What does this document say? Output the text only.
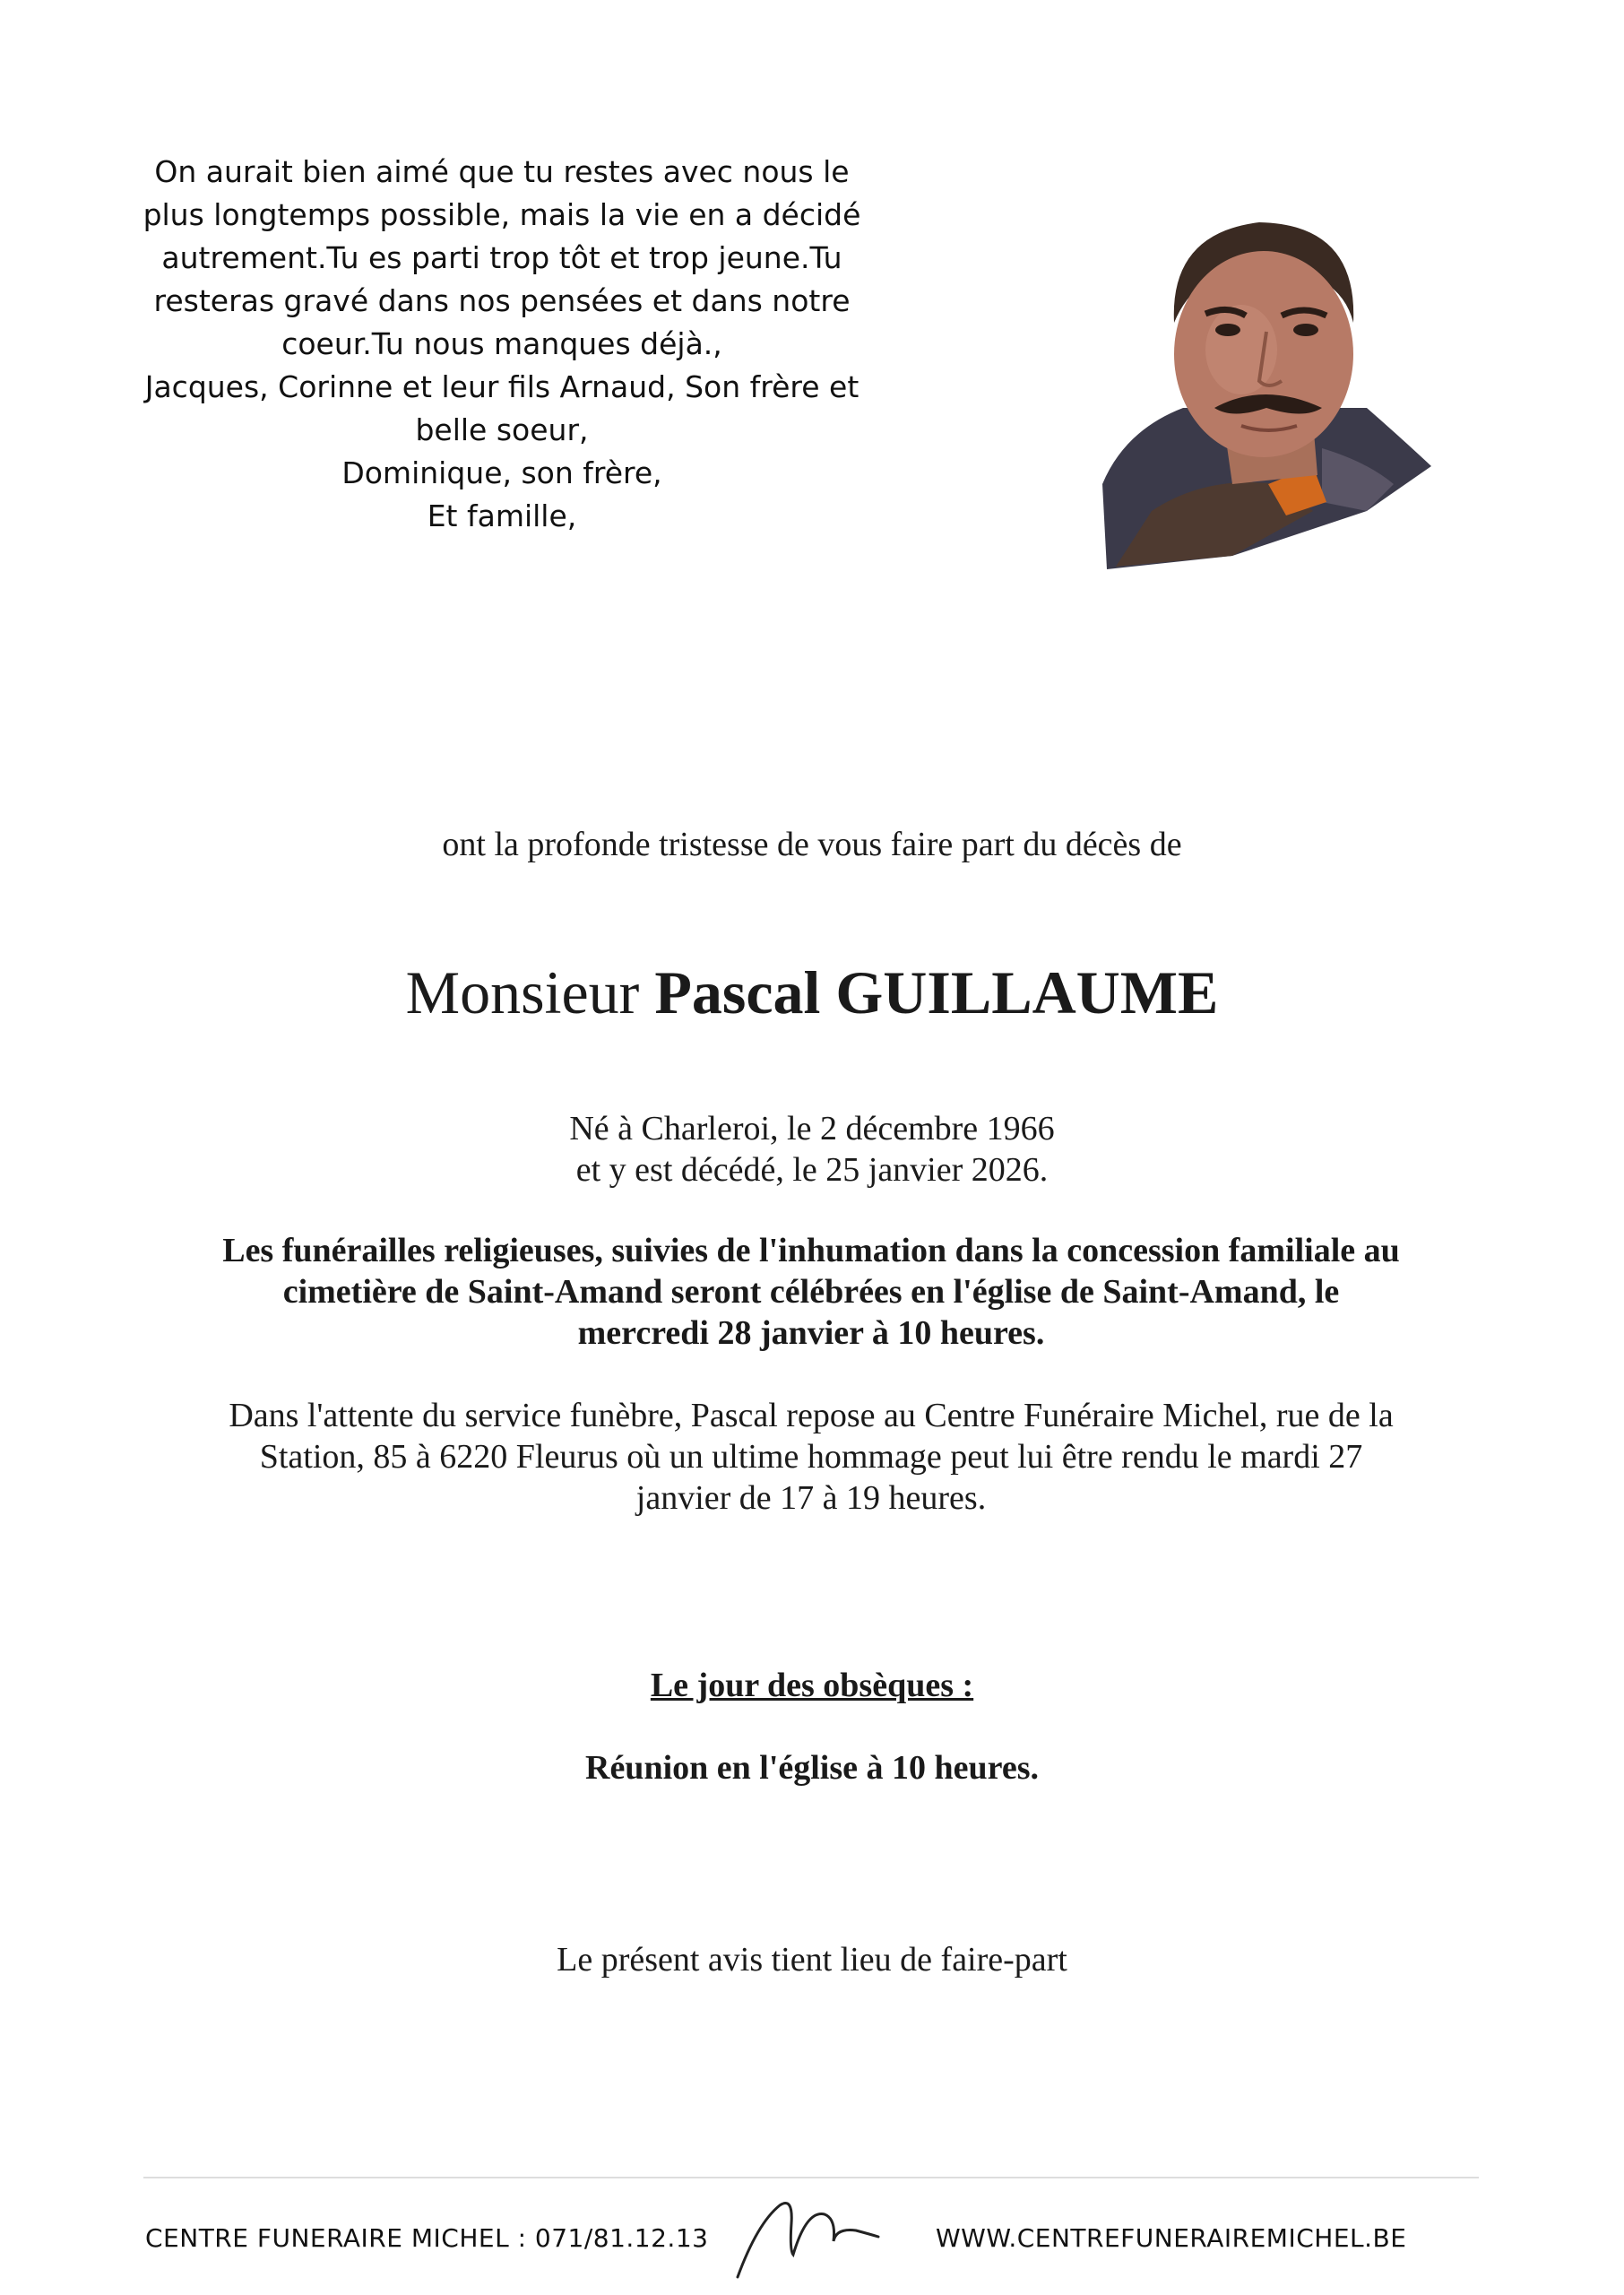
On aurait bien aimé que tu restes avec nous le
plus longtemps possible, mais la vie en a décidé
autrement.Tu es parti trop tôt et trop jeune.Tu
resteras gravé dans nos pensées et dans notre
coeur.Tu nous manques déjà.,
Jacques, Corinne et leur fils Arnaud, Son frère et
belle soeur,
Dominique, son frère,
Et famille,
ont la profonde tristesse de vous faire part du décès de
Monsieur Pascal GUILLAUME
Né à Charleroi, le 2 décembre 1966
et y est décédé, le 25 janvier 2026.
Les funérailles religieuses, suivies de l'inhumation dans la concession familiale au cimetière de Saint-Amand seront célébrées en l'église de Saint-Amand, le mercredi 28 janvier à 10 heures.
Dans l'attente du service funèbre, Pascal repose au Centre Funéraire Michel, rue de la Station, 85 à 6220 Fleurus où un ultime hommage peut lui être rendu le mardi 27 janvier de 17 à 19 heures.
Le jour des obsèques :
Réunion en l'église à 10 heures.
Le présent avis tient lieu de faire-part
CENTRE FUNERAIRE MICHEL : 071/81.12.13	WWW.CENTREFUNERAIREMICHEL.BE
